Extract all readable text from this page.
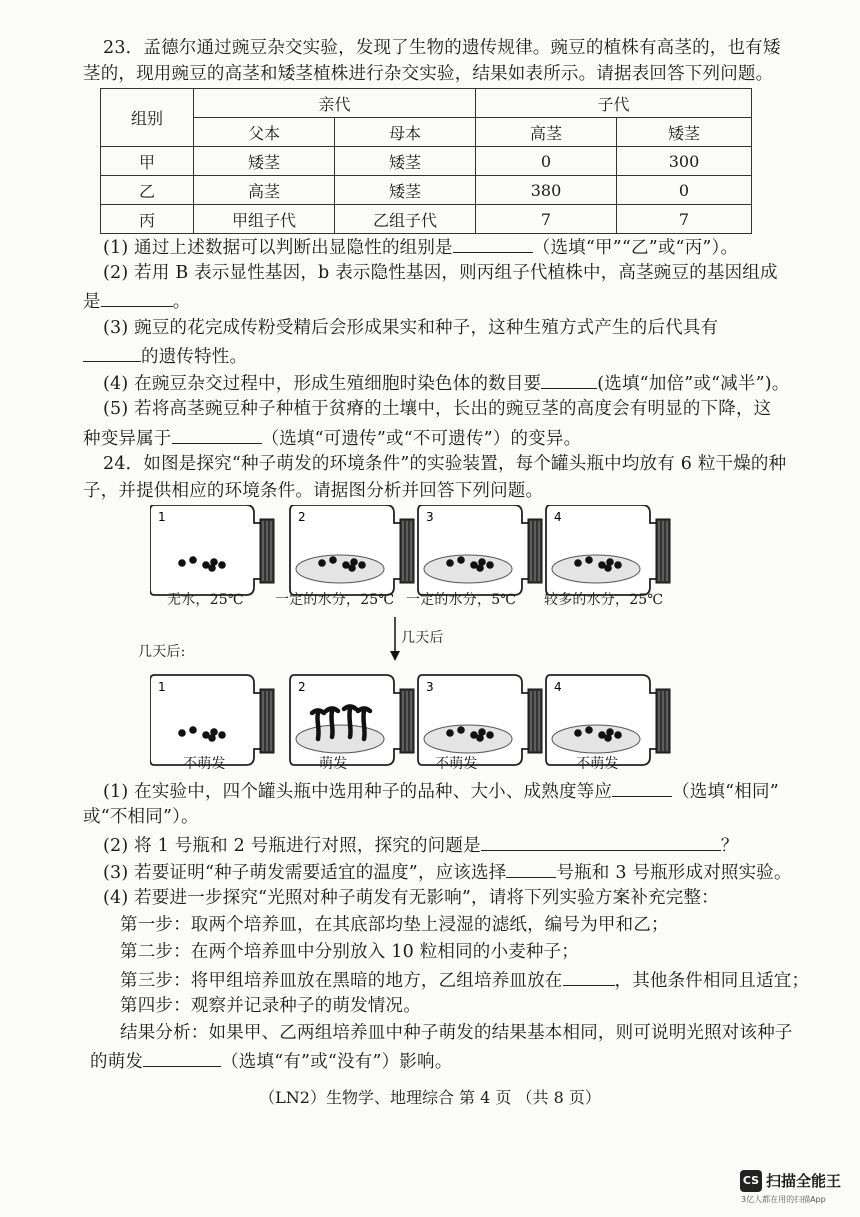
23．孟德尔通过豌豆杂交实验，发现了生物的遗传规律。豌豆的植株有高茎的，也有矮
茎的，现用豌豆的高茎和矮茎植株进行杂交实验，结果如表所示。请据表回答下列问题。
组别	亲代		子代	
	父本	母本	高茎	矮茎
甲	矮茎	矮茎	0	300
乙	高茎	矮茎	380	0
丙	甲组子代	乙组子代	7	7
(1) 通过上述数据可以判断出显隐性的组别是	（选填“甲”“乙”或“丙”）。
(2) 若用 B 表示显性基因，b 表示隐性基因，则丙组子代植株中，高茎豌豆的基因组成
是	。
(3) 豌豆的花完成传粉受精后会形成果实和种子，这种生殖方式产生的后代具有
的遗传特性。
(4) 在豌豆杂交过程中，形成生殖细胞时染色体的数目要	(选填“加倍”或“减半”)。
(5) 若将高茎豌豆种子种植于贫瘠的土壤中，长出的豌豆茎的高度会有明显的下降，这
种变异属于	（选填“可遗传”或“不可遗传”）的变异。
24．如图是探究“种子萌发的环境条件”的实验装置，每个罐头瓶中均放有 6 粒干燥的种
子，并提供相应的环境条件。请据图分析并回答下列问题。
1	2	3	4
1	2	3	4
无水，25℃ 一定的水分，25℃ 一定的水分，5℃ 较多的水分，25℃
几天后
几天后:
不萌发	萌发	不萌发	不萌发
(1) 在实验中，四个罐头瓶中选用种子的品种、大小、成熟度等应	（选填“相同”
或“不相同”）。
(2) 将 1 号瓶和 2 号瓶进行对照，探究的问题是	？
(3) 若要证明“种子萌发需要适宜的温度”，应该选择	号瓶和 3 号瓶形成对照实验。
(4) 若要进一步探究“光照对种子萌发有无影响”，请将下列实验方案补充完整：
第一步：取两个培养皿，在其底部均垫上浸湿的滤纸，编号为甲和乙；
第二步：在两个培养皿中分别放入 10 粒相同的小麦种子；
第三步：将甲组培养皿放在黑暗的地方，乙组培养皿放在	，其他条件相同且适宜；
第四步：观察并记录种子的萌发情况。
结果分析：如果甲、乙两组培养皿中种子萌发的结果基本相同，则可说明光照对该种子
的萌发	（选填“有”或“没有”）影响。
（LN2）生物学、地理综合 第 4 页 （共 8 页）
CS 扫描全能王
3亿人都在用的扫描App
